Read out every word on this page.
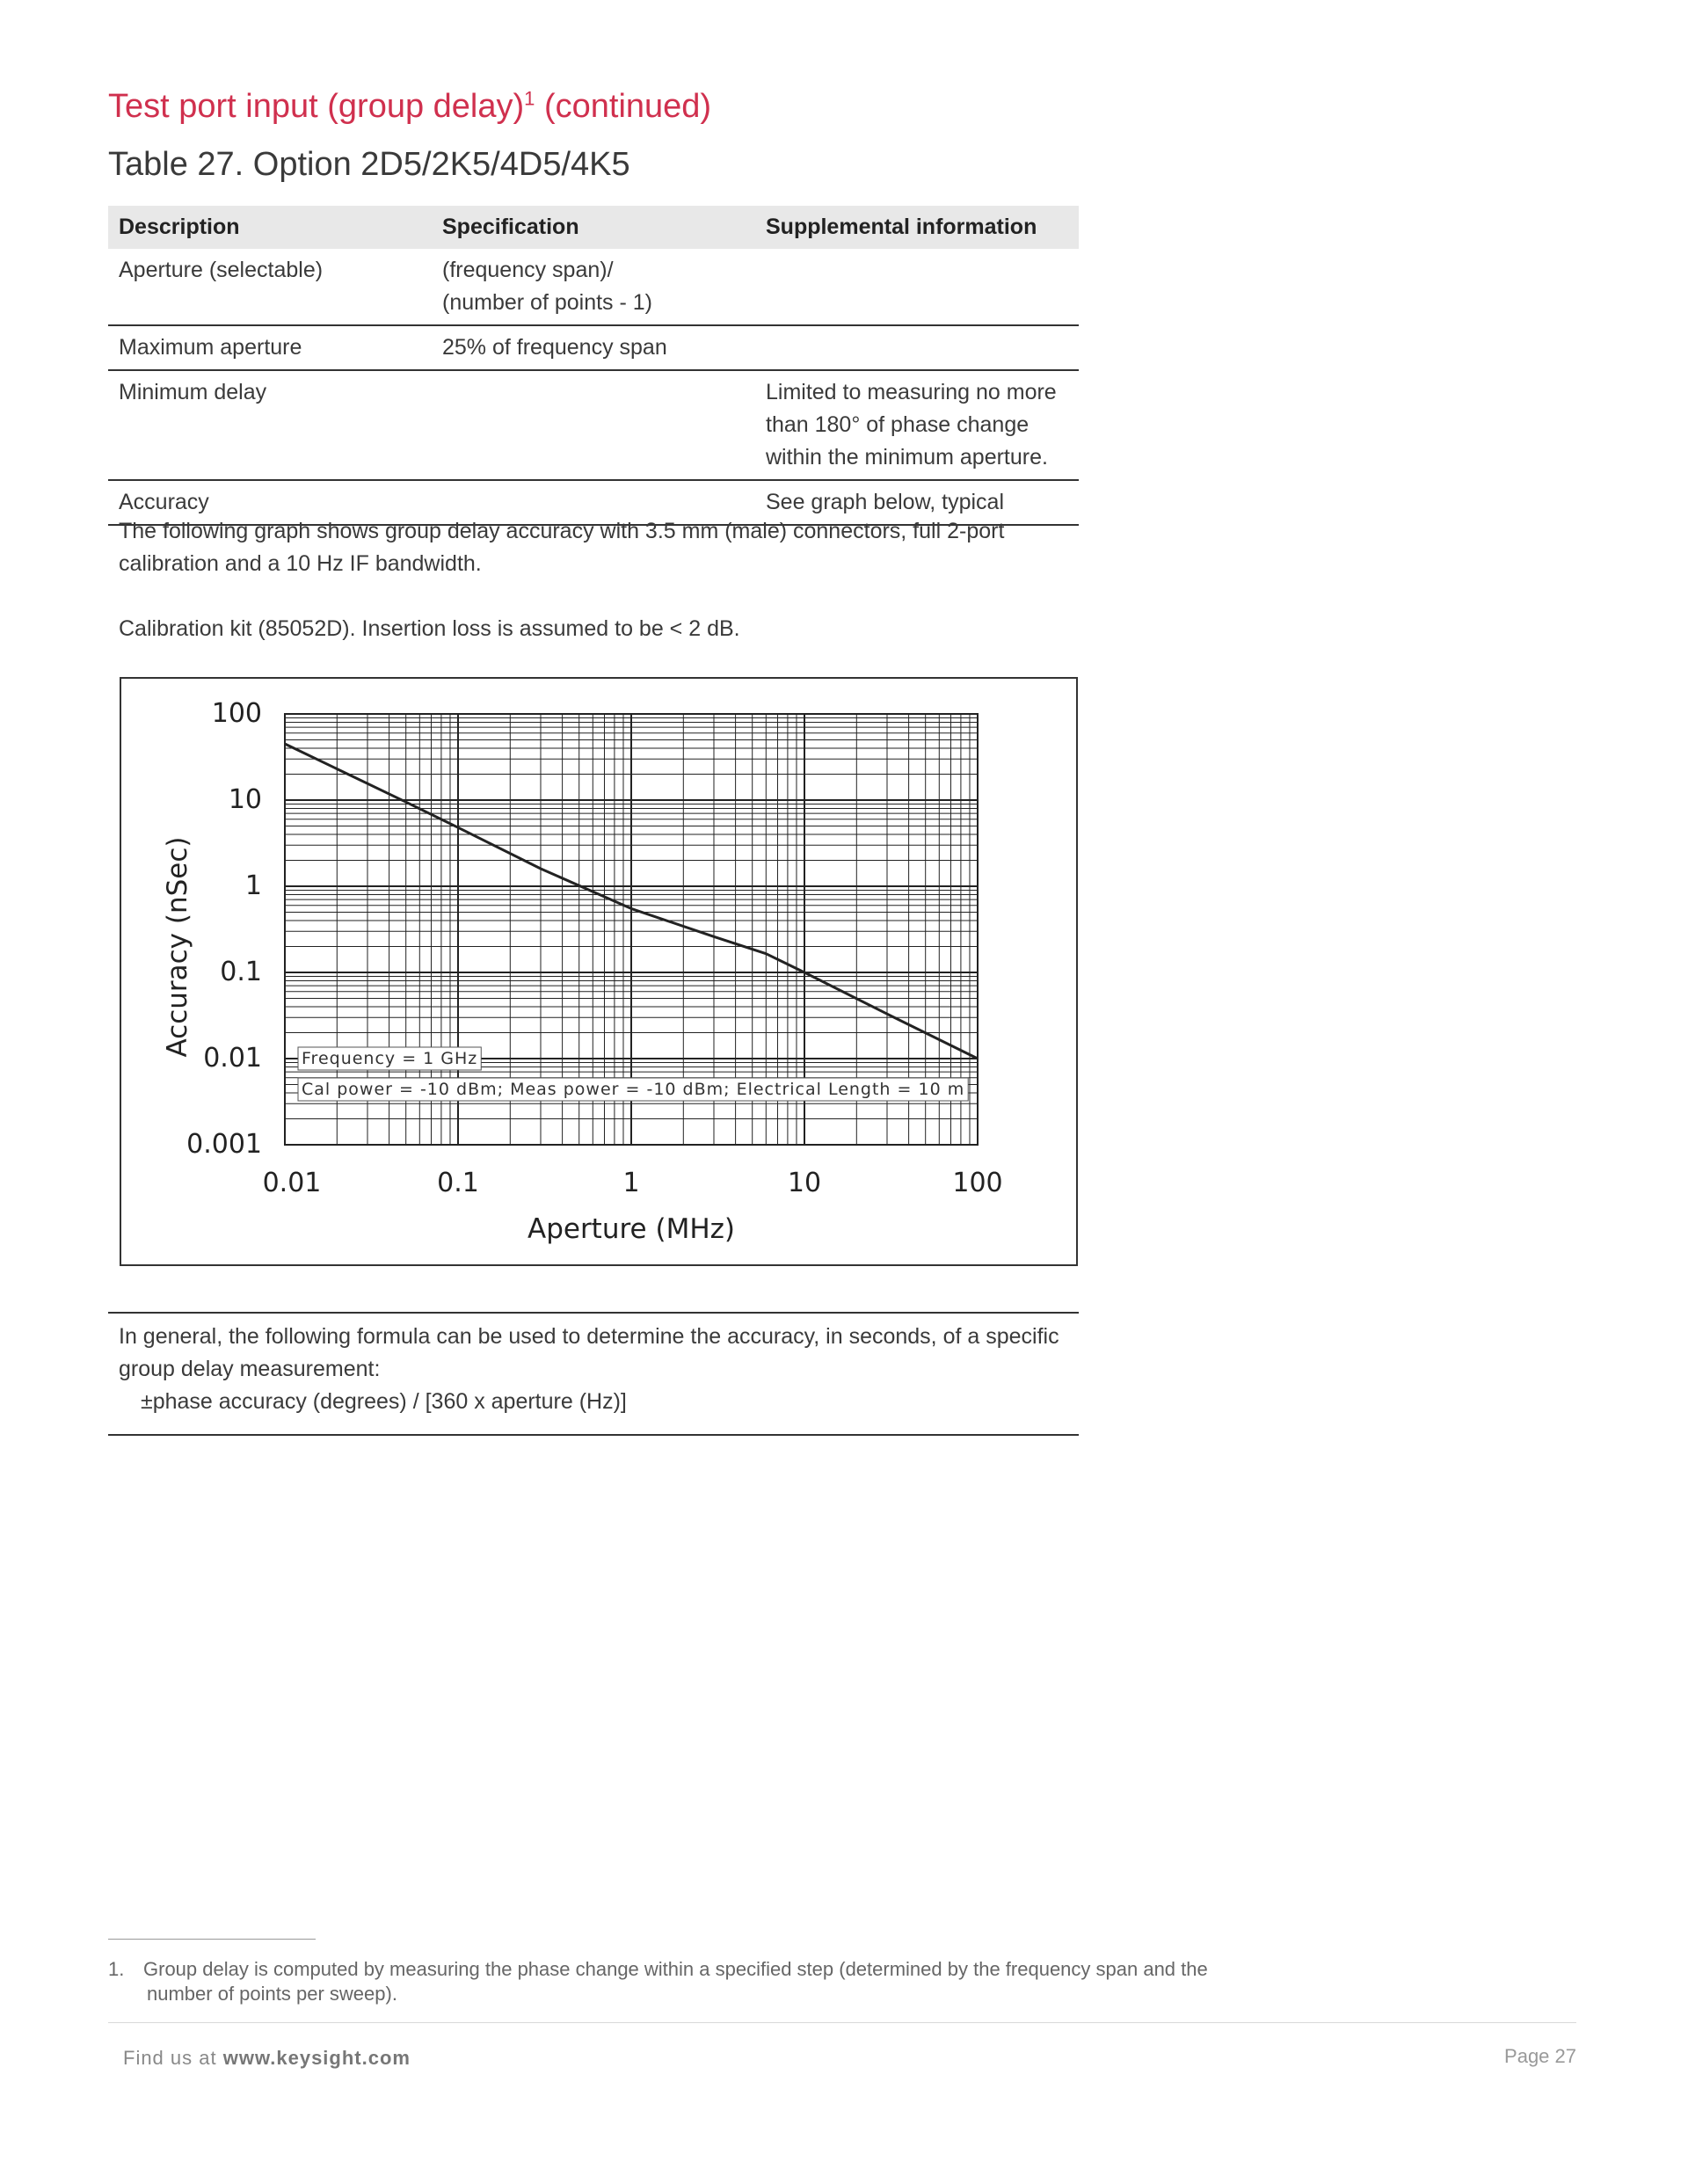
Test port input (group delay)$^1$ (continued)
Table 27. Option 2D5/2K5/4D5/4K5
Description	Specification	Supplemental information
Aperture (selectable)	(frequency span)/
(number of points - 1)	

Maximum aperture	25% of frequency span	
Minimum delay		Limited to measuring no more
than 180° of phase change
within the minimum aperture.

Accuracy		See graph below, typical

The following graph shows group delay accuracy with 3.5 mm (male) connectors, full 2-port

calibration and a 10 Hz IF bandwidth.

Calibration kit (85052D). Insertion loss is assumed to be < 2 dB.

Frequency = 1 GHz
Cal power = -10 dBm; Meas power = -10 dBm; Electrical Length = 10 m
100
10
1
0.1
0.01
0.001
0.01	0.1	1	10	100
Aperture (MHz)
Accuracy (nSec)

In general, the following formula can be used to determine the accuracy, in seconds, of a specific

group delay measurement:

±phase accuracy (degrees) / [360 x aperture (Hz)]

1. Group delay is computed by measuring the phase change within a specified step (determined by the frequency span and the
number of points per sweep).
Find us at www.keysight.com	Page 27
